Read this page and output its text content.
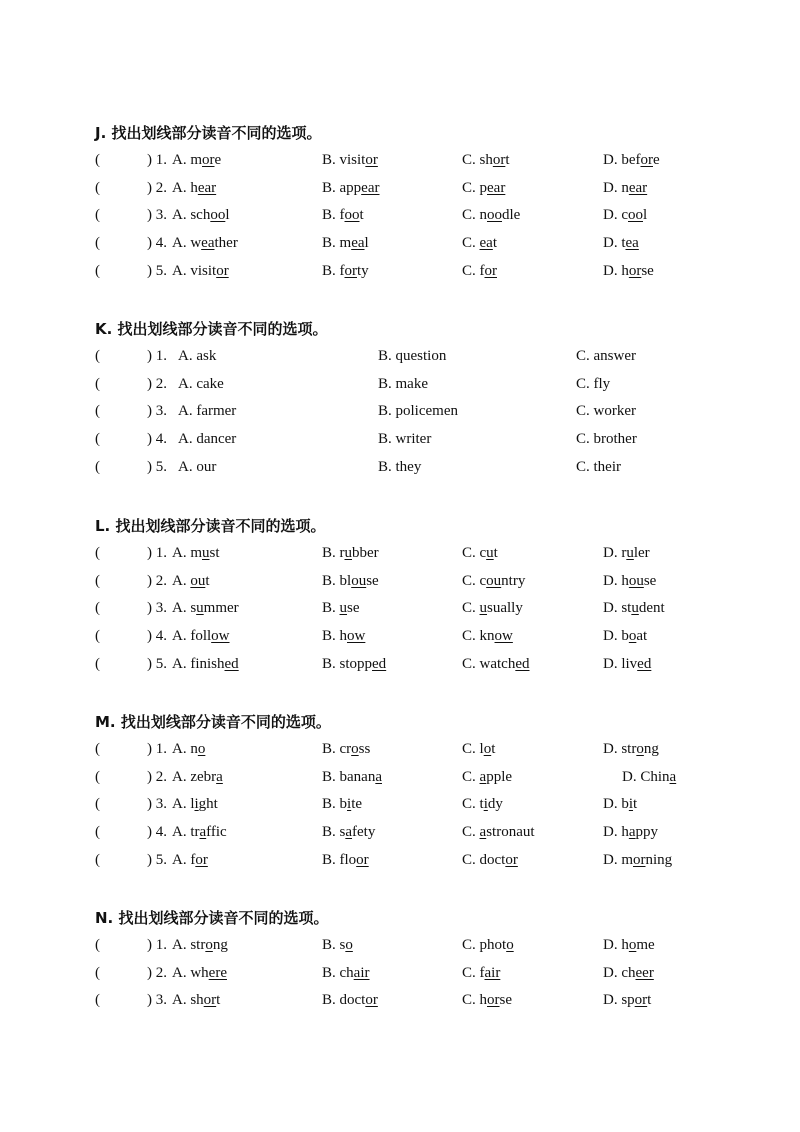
J. 找出划线部分读音不同的选项。
(	) 1. A. more	B. visitor	C. short	D. before
(	) 2. A. hear	B. appear	C. pear	D. near
(	) 3. A. school	B. foot	C. noodle	D. cool
(	) 4. A. weather	B. meal	C. eat	D. tea
(	) 5. A. visitor	B. forty	C. for	D. horse
K. 找出划线部分读音不同的选项。
(	) 1. A. ask	B. question	C. answer
(	) 2. A. cake	B. make	C. fly
(	) 3. A. farmer	B. policemen	C. worker
(	) 4. A. dancer	B. writer	C. brother
(	) 5. A. our	B. they	C. their
L. 找出划线部分读音不同的选项。
(	) 1. A. must	B. rubber	C. cut	D. ruler
(	) 2. A. out	B. blouse	C. country	D. house
(	) 3. A. summer	B. use	C. usually	D. student
(	) 4. A. follow	B. how	C. know	D. boat
(	) 5. A. finished	B. stopped	C. watched	D. lived
M. 找出划线部分读音不同的选项。
(	) 1. A. no	B. cross	C. lot	D. strong
(	) 2. A. zebra	B. banana	C. apple	D. China
(	) 3. A. light	B. bite	C. tidy	D. bit
(	) 4. A. traffic	B. safety	C. astronaut	D. happy
(	) 5. A. for	B. floor	C. doctor	D. morning
N. 找出划线部分读音不同的选项。
(	) 1. A. strong	B. so	C. photo	D. home
(	) 2. A. where	B. chair	C. fair	D. cheer
(	) 3. A. short	B. doctor	C. horse	D. sport
